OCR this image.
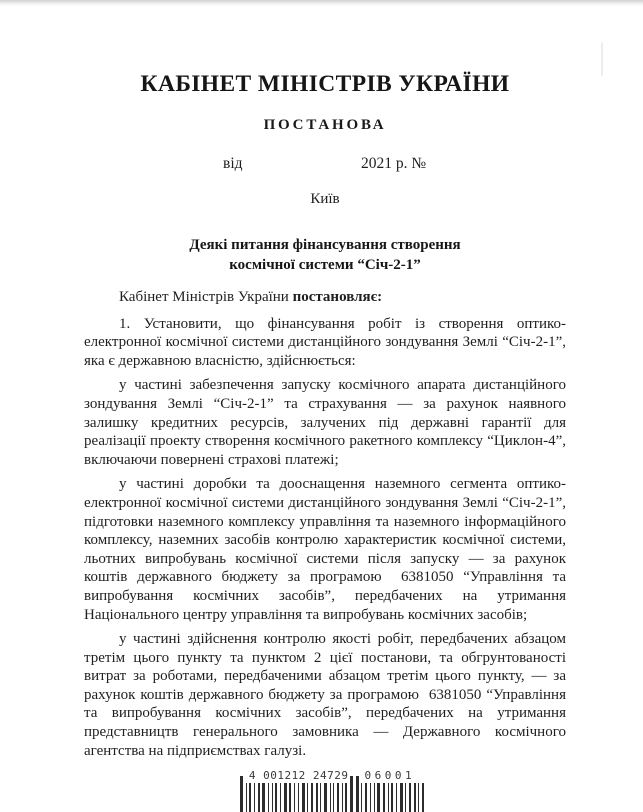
КАБІНЕТ МІНІСТРІВ УКРАЇНИ
ПОСТАНОВА
від	2021 р. №
Київ
Деякі питання фінансування створення
космічної системи “Січ-2-1”

Кабінет Міністрів України постановляє:

1. Установити, що фінансування робіт із створення оптико-електронної космічної системи дистанційного зондування Землі “Січ-2-1”, яка є державною власністю, здійснюється:

у частині забезпечення запуску космічного апарата дистанційного зондування Землі “Січ-2-1” та страхування — за рахунок наявного залишку кредитних ресурсів, залучених під державні гарантії для реалізації проекту створення космічного ракетного комплексу “Циклон-4”, включаючи повернені страхові платежі;

у частині доробки та дооснащення наземного сегмента оптико-електронної космічної системи дистанційного зондування Землі “Січ-2-1”, підготовки наземного комплексу управління та наземного інформаційного комплексу, наземних засобів контролю характеристик космічної системи, льотних випробувань космічної системи після запуску — за рахунок коштів державного бюджету за програмою  6381050 “Управління та випробування космічних засобів”, передбачених на утримання Національного центру управління та випробувань космічних засобів;

у частині здійснення контролю якості робіт, передбачених абзацом третім цього пункту та пунктом 2 цієї постанови, та обгрунтованості витрат за роботами, передбаченими абзацом третім цього пункту, — за рахунок коштів державного бюджету за програмою  6381050 “Управління та випробування космічних засобів”, передбачених на утримання представництв генерального замовника — Державного космічного агентства на підприємствах галузі.

4 001212 24729 06001
